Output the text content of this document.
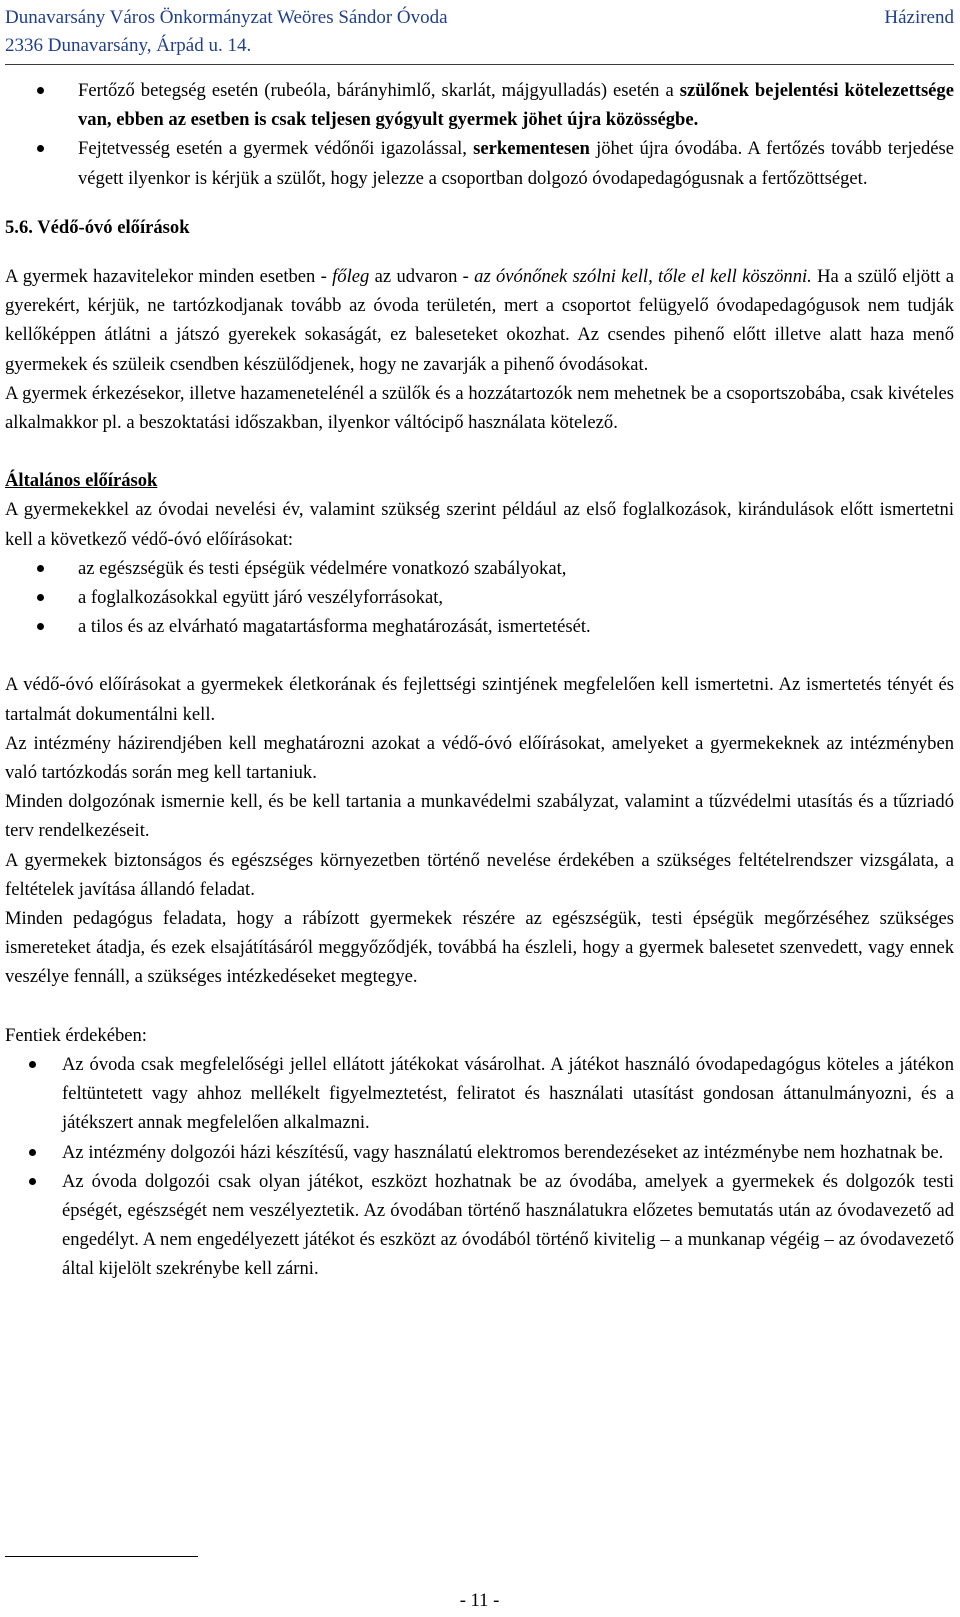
Dunavarsány Város Önkormányzat Weöres Sándor Óvoda	Házirend
2336 Dunavarsány, Árpád u. 14.
Fertőző betegség esetén (rubeóla, bárányhimlő, skarlát, májgyulladás) esetén a szülőnek bejelentési kötelezettsége van, ebben az esetben is csak teljesen gyógyult gyermek jöhet újra közösségbe.
Fejtetvesség esetén a gyermek védőnői igazolással, serkementesen jöhet újra óvodába. A fertőzés tovább terjedése végett ilyenkor is kérjük a szülőt, hogy jelezze a csoportban dolgozó óvodapedagógusnak a fertőzöttséget.
5.6. Védő-óvó előírások
A gyermek hazavitelekor minden esetben - főleg az udvaron - az óvónőnek szólni kell, tőle el kell köszönni. Ha a szülő eljött a gyerekért, kérjük, ne tartózkodjanak tovább az óvoda területén, mert a csoportot felügyelő óvodapedagógusok nem tudják kellőképpen átlátni a játszó gyerekek sokaságát, ez baleseteket okozhat. Az csendes pihenő előtt illetve alatt haza menő gyermekek és szüleik csendben készülődjenek, hogy ne zavarják a pihenő óvodásokat.
A gyermek érkezésekor, illetve hazamenetelénél a szülők és a hozzátartozók nem mehetnek be a csoportszobába, csak kivételes alkalmakkor pl. a beszoktatási időszakban, ilyenkor váltócipő használata kötelező.
Általános előírások
A gyermekekkel az óvodai nevelési év, valamint szükség szerint például az első foglalkozások, kirándulások előtt ismertetni kell a következő védő-óvó előírásokat:
az egészségük és testi épségük védelmére vonatkozó szabályokat,
a foglalkozásokkal együtt járó veszélyforrásokat,
a tilos és az elvárható magatartásforma meghatározását, ismertetését.
A védő-óvó előírásokat a gyermekek életkorának és fejlettségi szintjének megfelelően kell ismertetni. Az ismertetés tényét és tartalmát dokumentálni kell.
Az intézmény házirendjében kell meghatározni azokat a védő-óvó előírásokat, amelyeket a gyermekeknek az intézményben való tartózkodás során meg kell tartaniuk.
Minden dolgozónak ismernie kell, és be kell tartania a munkavédelmi szabályzat, valamint a tűzvédelmi utasítás és a tűzriadó terv rendelkezéseit.
A gyermekek biztonságos és egészséges környezetben történő nevelése érdekében a szükséges feltételrendszer vizsgálata, a feltételek javítása állandó feladat.
Minden pedagógus feladata, hogy a rábízott gyermekek részére az egészségük, testi épségük megőrzéséhez szükséges ismereteket átadja, és ezek elsajátításáról meggyőződjék, továbbá ha észleli, hogy a gyermek balesetet szenvedett, vagy ennek veszélye fennáll, a szükséges intézkedéseket megtegye.
Fentiek érdekében:
Az óvoda csak megfelelőségi jellel ellátott játékokat vásárolhat. A játékot használó óvodapedagógus köteles a játékon feltüntetett vagy ahhoz mellékelt figyelmeztetést, feliratot és használati utasítást gondosan áttanulmányozni, és a játékszert annak megfelelően alkalmazni.
Az intézmény dolgozói házi készítésű, vagy használatú elektromos berendezéseket az intézménybe nem hozhatnak be.
Az óvoda dolgozói csak olyan játékot, eszközt hozhatnak be az óvodába, amelyek a gyermekek és dolgozók testi épségét, egészségét nem veszélyeztetik. Az óvodában történő használatukra előzetes bemutatás után az óvodavezető ad engedélyt. A nem engedélyezett játékot és eszközt az óvodából történő kivitelig – a munkanap végéig – az óvodavezető által kijelölt szekrénybe kell zárni.
- 11 -
